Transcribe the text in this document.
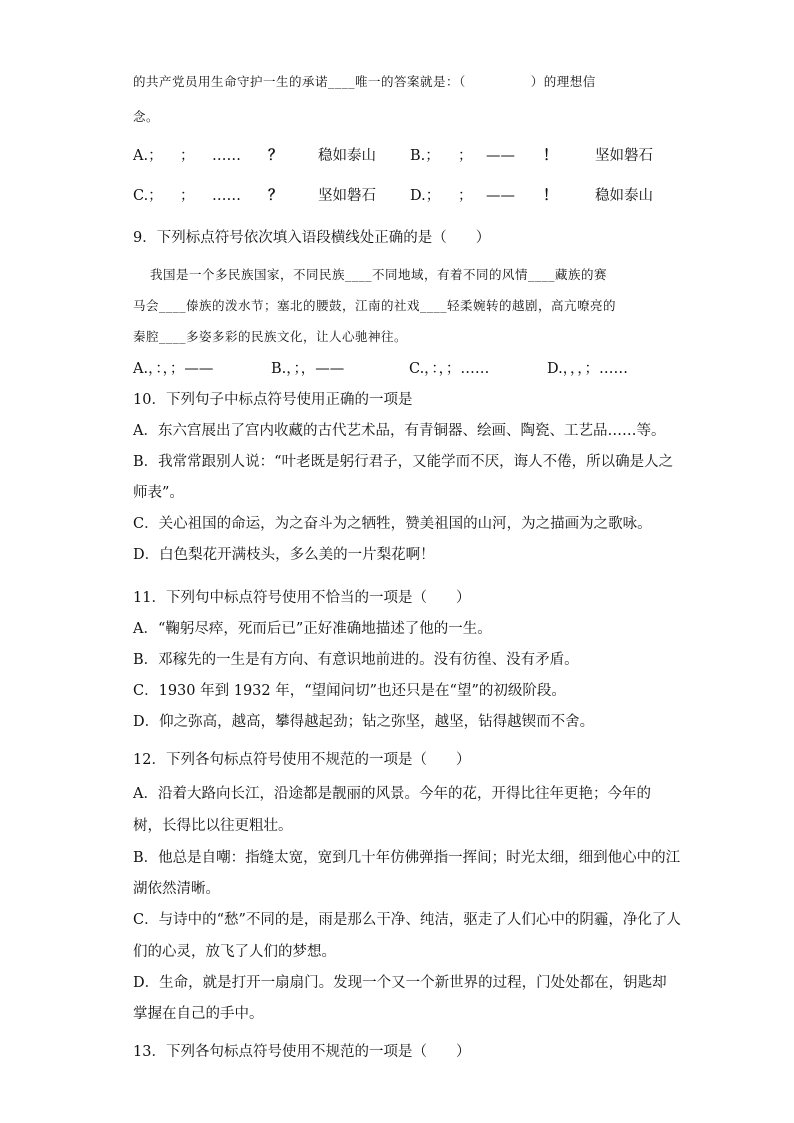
的共产党员用生命守护一生的承诺____唯一的答案就是：（　　　　　）的理想信
念。
A.； ； …… ？ 稳如泰山 B.； ； —— ！	坚如磐石
C.； ； …… ？ 坚如磐石 D.； ； —— ！	稳如泰山
9．下列标点符号依次填入语段横线处正确的是（　　）
我国是一个多民族国家，不同民族____不同地域，有着不同的风情____藏族的赛
马会____傣族的泼水节；塞北的腰鼓，江南的社戏____轻柔婉转的越剧，高亢嘹亮的
秦腔____多姿多彩的民族文化，让人心驰神往。
A.，：，；——	B.，；，——	C.，：，；……	D.，，，；……
10．下列句子中标点符号使用正确的一项是
A．东六宫展出了宫内收藏的古代艺术品，有青铜器、绘画、陶瓷、工艺品……等。
B．我常常跟别人说：“叶老既是躬行君子，又能学而不厌，诲人不倦，所以确是人之
师表”。
C．关心祖国的命运，为之奋斗为之牺牲，赞美祖国的山河，为之描画为之歌咏。
D．白色梨花开满枝头，多么美的一片梨花啊！
11．下列句中标点符号使用不恰当的一项是（　　）
A．“鞠躬尽瘁，死而后已”正好准确地描述了他的一生。
B．邓稼先的一生是有方向、有意识地前进的。没有彷徨、没有矛盾。
C．1930 年到 1932 年，“望闻问切”也还只是在“望”的初级阶段。
D．仰之弥高，越高，攀得越起劲；钻之弥坚，越坚，钻得越锲而不舍。
12．下列各句标点符号使用不规范的一项是（　　）
A．沿着大路向长江，沿途都是靓丽的风景。今年的花，开得比往年更艳；今年的
树，长得比以往更粗壮。
B．他总是自嘲：指缝太宽，宽到几十年仿佛弹指一挥间；时光太细，细到他心中的江
湖依然清晰。
C．与诗中的“愁”不同的是，雨是那么干净、纯洁，驱走了人们心中的阴霾，净化了人
们的心灵，放飞了人们的梦想。
D．生命，就是打开一扇扇门。发现一个又一个新世界的过程，门处处都在，钥匙却
掌握在自己的手中。
13．下列各句标点符号使用不规范的一项是（　　）
